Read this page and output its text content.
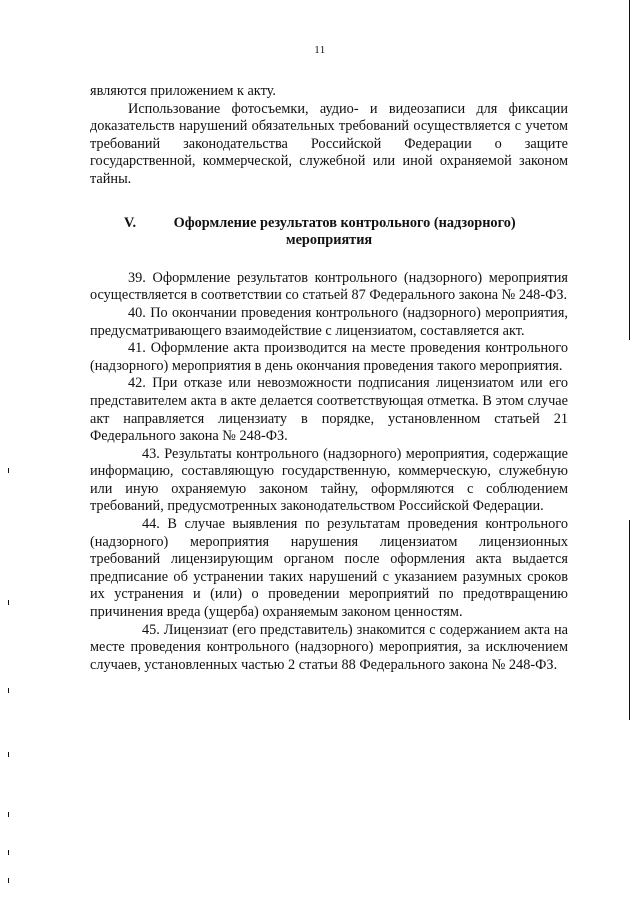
11

являются приложением к акту.

Использование фотосъемки, аудио- и видеозаписи для фиксации доказательств нарушений обязательных требований осуществляется с учетом требований законодательства Российской Федерации о защите государственной, коммерческой, служебной или иной охраняемой законом тайны.

V.	Оформление результатов контрольного (надзорного)
мероприятия

39. Оформление результатов контрольного (надзорного) мероприятия осуществляется в соответствии со статьей 87 Федерального закона № 248-ФЗ.

40. По окончании проведения контрольного (надзорного) мероприятия, предусматривающего взаимодействие с лицензиатом, составляется акт.

41. Оформление акта производится на месте проведения контрольного (надзорного) мероприятия в день окончания проведения такого мероприятия.

42. При отказе или невозможности подписания лицензиатом или его представителем акта в акте делается соответствующая отметка. В этом случае акт направляется лицензиату в порядке, установленном статьей 21 Федерального закона № 248-ФЗ.

43. Результаты контрольного (надзорного) мероприятия, содержащие информацию, составляющую государственную, коммерческую, служебную или иную охраняемую законом тайну, оформляются с соблюдением требований, предусмотренных законодательством Российской Федерации.

44. В случае выявления по результатам проведения контрольного (надзорного) мероприятия нарушения лицензиатом лицензионных требований лицензирующим органом после оформления акта выдается предписание об устранении таких нарушений с указанием разумных сроков их устранения и (или) о проведении мероприятий по предотвращению причинения вреда (ущерба) охраняемым законом ценностям.

45. Лицензиат (его представитель) знакомится с содержанием акта на месте проведения контрольного (надзорного) мероприятия, за исключением случаев, установленных частью 2 статьи 88 Федерального закона № 248-ФЗ.
